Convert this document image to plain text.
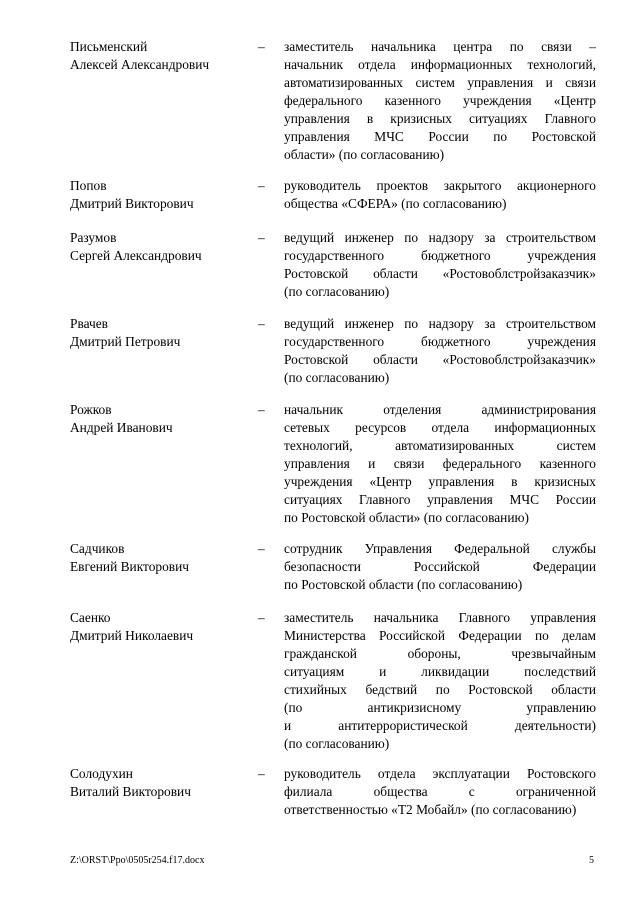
Письменский
Алексей Александрович
– заместитель начальника центра по связи –
начальник отдела информационных технологий,
автоматизированных систем управления и связи
федерального казенного учреждения «Центр
управления в кризисных ситуациях Главного
управления МЧС России по Ростовской
области» (по согласованию)
Попов
Дмитрий Викторович
– руководитель проектов закрытого акционерного
общества «СФЕРА» (по согласованию)
Разумов
Сергей Александрович
– ведущий инженер по надзору за строительством
государственного бюджетного учреждения
Ростовской области «Ростовоблстройзаказчик»
(по согласованию)
Рвачев
Дмитрий Петрович
– ведущий инженер по надзору за строительством
государственного бюджетного учреждения
Ростовской области «Ростовоблстройзаказчик»
(по согласованию)
Рожков
Андрей Иванович
– начальник отделения администрирования
сетевых ресурсов отдела информационных
технологий, автоматизированных систем
управления и связи федерального казенного
учреждения «Центр управления в кризисных
ситуациях Главного управления МЧС России
по Ростовской области» (по согласованию)
Садчиков
Евгений Викторович
– сотрудник Управления Федеральной службы
безопасности Российской Федерации
по Ростовской области (по согласованию)
Саенко
Дмитрий Николаевич
– заместитель начальника Главного управления
Министерства Российской Федерации по делам
гражданской обороны, чрезвычайным
ситуациям и ликвидации последствий
стихийных бедствий по Ростовской области
(по антикризисному управлению
и антитеррористической деятельности)
(по согласованию)
Солодухин
Виталий Викторович
– руководитель отдела эксплуатации Ростовского
филиала общества с ограниченной
ответственностью «Т2 Мобайл» (по согласованию)
Z:\ORST\Ppo\0505r254.f17.docx	5
